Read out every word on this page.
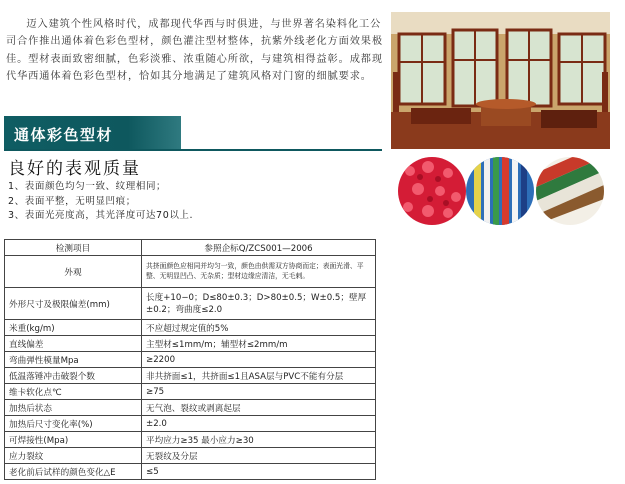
迈入建筑个性风格时代，成都现代华西与时俱进，与世界著名染料化工公司合作推出通体着色彩色型材，颜色灌注型材整体，抗紫外线老化方面效果极佳。型材表面致密细腻，色彩淡雅、浓重随心所欲，与建筑相得益彰。成都现代华西通体着色彩色型材，恰如其分地满足了建筑风格对门窗的细腻要求。
通体彩色型材
良好的表观质量
1、表面颜色均匀一致、纹理相同；
2、表面平整，无明显凹痕；
3、表面光亮度高，其光泽度可达70以上.
检测项目	参照企标Q/ZCS001—2006
外观	共挤面颜色应相同并均匀一致，颜色由供需双方协商而定；表面光滑、平整、无明显凹凸、无杂质；型材边缘应清洁，无毛刺。
外形尺寸及极限偏差(mm)	长度+10−0；D≤80±0.3；D>80±0.5；W±0.5；壁厚±0.2；弯曲度≤2.0
米重(kg/m)	不应超过规定值的5%
直线偏差	主型材≤1mm/m；辅型材≤2mm/m
弯曲弹性模量Mpa	≥2200
低温落锤冲击破裂个数	非共挤面≤1，共挤面≤1且ASA层与PVC不能有分层
维卡软化点℃	≥75
加热后状态	无气泡、裂纹或剥离起层
加热后尺寸变化率(%)	±2.0
可焊接性(Mpa)	平均应力≥35 最小应力≥30
应力裂纹	无裂纹及分层
老化前后试样的颜色变化△E	≤5
